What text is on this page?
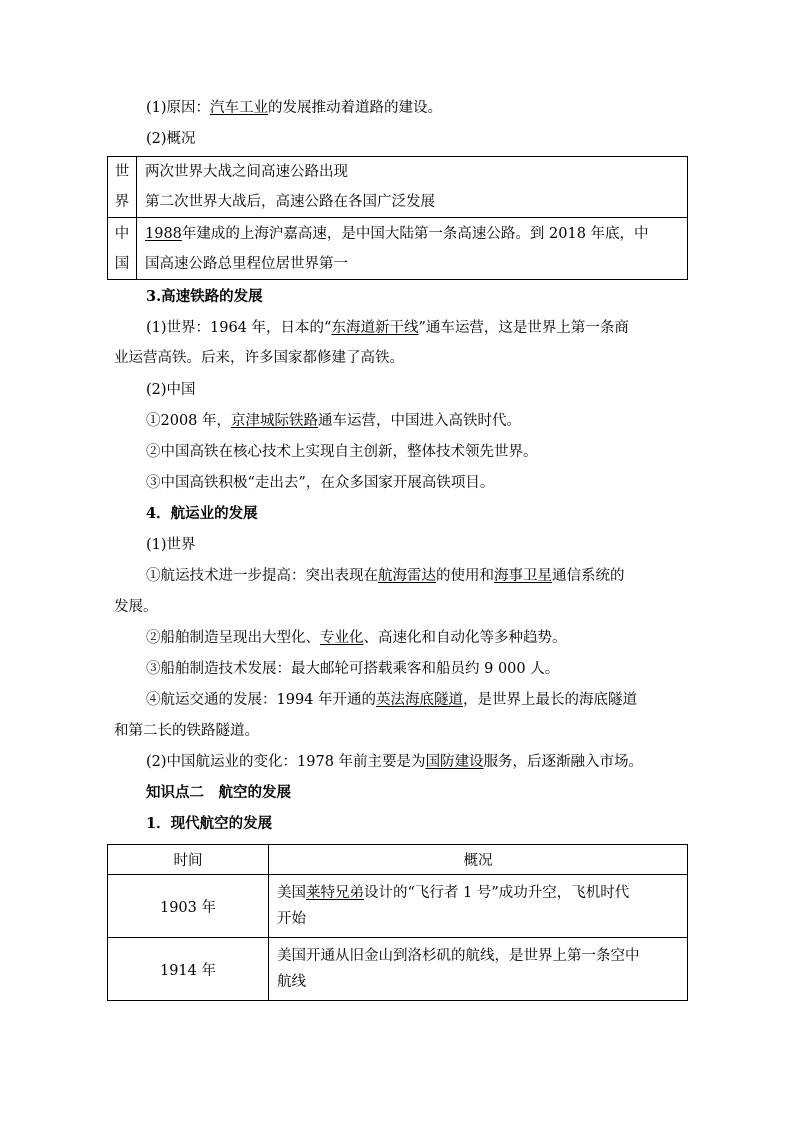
(1)原因：汽车工业的发展推动着道路的建设。
(2)概况
世
界	两次世界大战之间高速公路出现
第二次世界大战后，高速公路在各国广泛发展

中
国	1988年建成的上海沪嘉高速，是中国大陆第一条高速公路。到 2018 年底，中
国高速公路总里程位居世界第一
3.高速铁路的发展
(1)世界：1964 年，日本的“东海道新干线”通车运营，这是世界上第一条商
业运营高铁。后来，许多国家都修建了高铁。
(2)中国
①2008 年，京津城际铁路通车运营，中国进入高铁时代。
②中国高铁在核心技术上实现自主创新，整体技术领先世界。
③中国高铁积极“走出去”，在众多国家开展高铁项目。
4．航运业的发展
(1)世界
①航运技术进一步提高：突出表现在航海雷达的使用和海事卫星通信系统的
发展。
②船舶制造呈现出大型化、专业化、高速化和自动化等多种趋势。
③船舶制造技术发展：最大邮轮可搭载乘客和船员约 9 000 人。
④航运交通的发展：1994 年开通的英法海底隧道，是世界上最长的海底隧道
和第二长的铁路隧道。
(2)中国航运业的变化：1978 年前主要是为国防建设服务，后逐渐融入市场。
知识点二　航空的发展
1．现代航空的发展
时间	概况
1903 年	美国莱特兄弟设计的“飞行者 1 号”成功升空，飞机时代
开始
1914 年	美国开通从旧金山到洛杉矶的航线，是世界上第一条空中
航线
